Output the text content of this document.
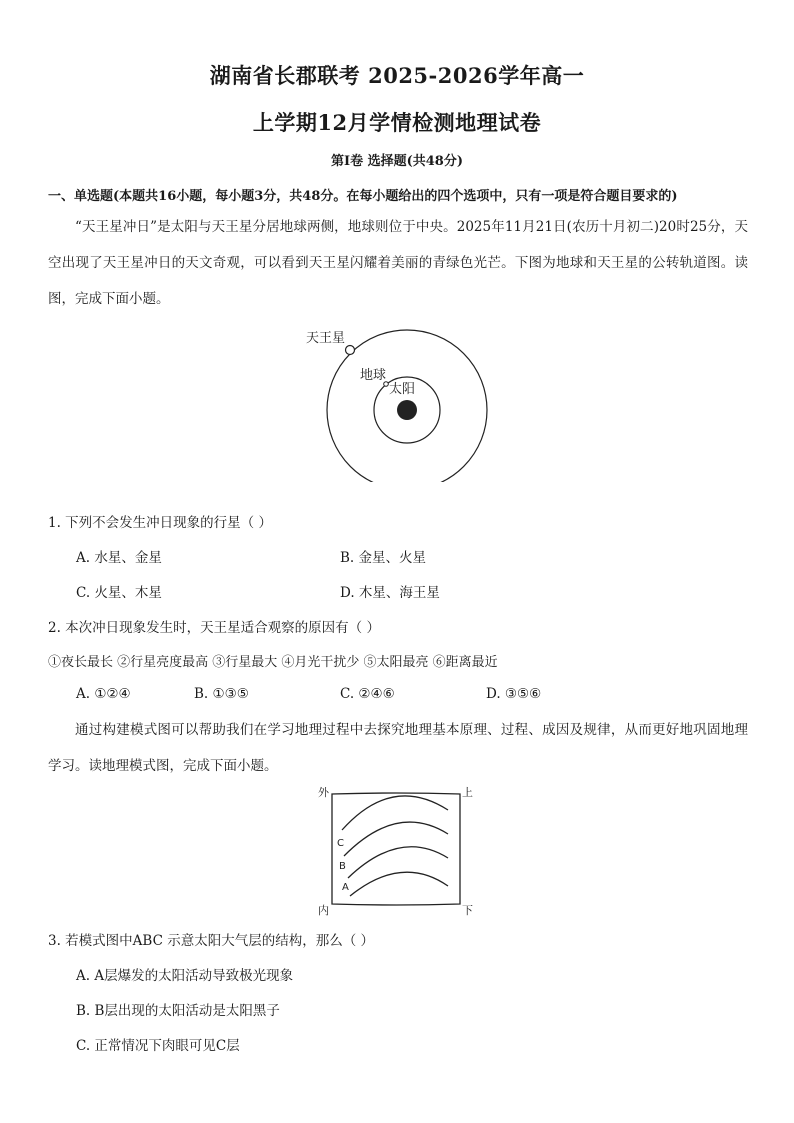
湖南省长郡联考 2025-2026学年高一
上学期12月学情检测地理试卷
第Ⅰ卷 选择题(共48分)
一、单选题(本题共16小题，每小题3分，共48分。在每小题给出的四个选项中，只有一项是符合题目要求的)
“天王星冲日”是太阳与天王星分居地球两侧，地球则位于中央。2025年11月21日(农历十月初二)20时25分，天空出现了天王星冲日的天文奇观，可以看到天王星闪耀着美丽的青绿色光芒。下图为地球和天王星的公转轨道图。读图，完成下面小题。
天王星
地球
太阳
1. 下列不会发生冲日现象的行星（ ）
A. 水星、金星	B. 金星、火星
C. 火星、木星	D. 木星、海王星
2. 本次冲日现象发生时，天王星适合观察的原因有（ ）
①夜长最长 ②行星亮度最高 ③行星最大 ④月光干扰少 ⑤太阳最亮 ⑥距离最近
A. ①②④	B. ①③⑤	C. ②④⑥	D. ③⑤⑥
通过构建模式图可以帮助我们在学习地理过程中去探究地理基本原理、过程、成因及规律，从而更好地巩固地理学习。读地理模式图，完成下面小题。
外	上
内	下
C
B
A
3. 若模式图中ABC 示意太阳大气层的结构，那么（ ）
A. A层爆发的太阳活动导致极光现象
B. B层出现的太阳活动是太阳黑子
C. 正常情况下肉眼可见C层
